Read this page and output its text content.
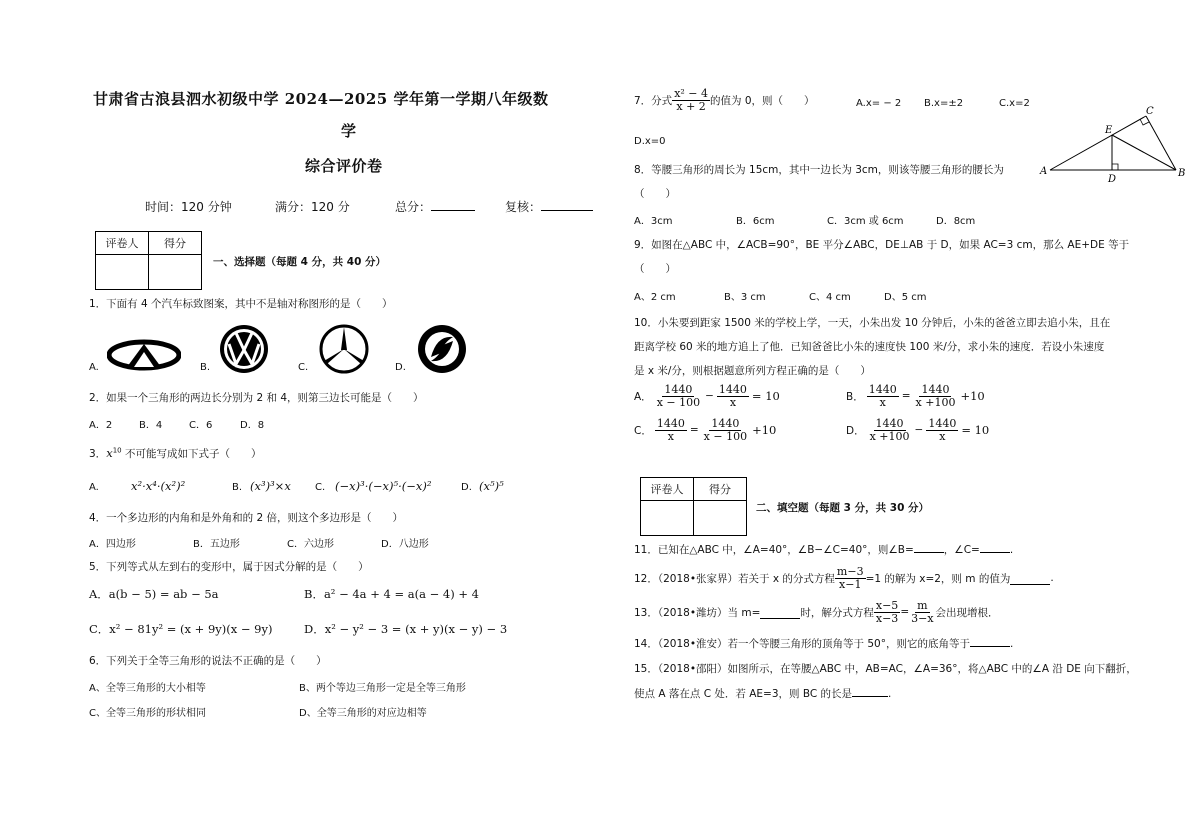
甘肃省古浪县泗水初级中学 2024—2025 学年第一学期八年级数
学
综合评价卷
时间：120 分钟	满分：120 分	总分：	复核：
评卷人	得分

一、选择题（每题 4 分，共 40 分）
1．下面有 4 个汽车标致图案，其中不是轴对称图形的是（　　）
A.	B.	C.	D.
2．如果一个三角形的两边长分别为 2 和 4，则第三边长可能是（　　）
A．2	B．4	C．6	D．8
3．$x^{10}$ 不可能写成如下式子（　　）
A.	x²·x⁴·(x²)²	B. (x³)³×x C. (−x)³·(−x)⁵·(−x)²	D. (x⁵)⁵
4．一个多边形的内角和是外角和的 2 倍，则这个多边形是（　　）
A．四边形	B．五边形	C．六边形	D．八边形
5．下列等式从左到右的变形中，属于因式分解的是（　　）
A．a(b − 5) = ab − 5a	B．a² − 4a + 4 = a(a − 4) + 4
C．x² − 81y² = (x + 9y)(x − 9y)	D．x² − y² − 3 = (x + y)(x − y) − 3
6．下列关于全等三角形的说法不正确的是（　　）
A、全等三角形的大小相等	B、两个等边三角形一定是全等三角形
C、全等三角形的形状相同	D、全等三角形的对应边相等
7．分式 $\frac{\text{x² − 4}}{x + 2}$ 的值为 0，则（　　）	A.x= − 2 B.x=±2	C.x=2
D.x=0
A	B
C
D
E
8．等腰三角形的周长为 15cm，其中一边长为 3cm，则该等腰三角形的腰长为
（　　）
A．3cm	B．6cm	C．3cm 或 6cm	D．8cm
9．如图在△ABC 中，∠ACB=90°，BE 平分∠ABC，DE⊥AB 于 D，如果 AC=3 cm，那么 AE+DE 等于
（　　）
A、2 cm	B、3 cm	C、4 cm	D、5 cm
10．小朱要到距家 1500 米的学校上学，一天，小朱出发 10 分钟后，小朱的爸爸立即去追小朱，且在
距离学校 60 米的地方追上了他．已知爸爸比小朱的速度快 100 米/分，求小朱的速度．若设小朱速度
是 x 米/分，则根据题意所列方程正确的是（　　）
A． $\frac{1440}{x - 100} - \frac{1440}{x} = 10$	B． $\frac{1440}{x} = \frac{1440}{x +100} +10$
C． $\frac{1440}{x} = \frac{1440}{x - 100} +10$	D． $\frac{1440}{x +100} - \frac{1440}{x} = 10$
评卷人	得分

二、填空题（每题 3 分，共 30 分）
11．已知在△ABC 中，∠A=40°，∠B−∠C=40°，则∠B=	，∠C=	.
12．（2018•张家界）若关于 x 的分式方程 $\frac{m-3}{x-1} =1$ 的解为 x=2，则 m 的值为	.
13．（2018•潍坊）当 m=	时，解分式方程 $\frac{x-5}{x-3} = \frac{m}{3-x}$ 会出现增根．
14．（2018•淮安）若一个等腰三角形的顶角等于 50°，则它的底角等于	.
15．（2018•邵阳）如图所示，在等腰△ABC 中，AB=AC，∠A=36°，将△ABC 中的∠A 沿 DE 向下翻折，
使点 A 落在点 C 处．若 AE=3，则 BC 的长是	.
